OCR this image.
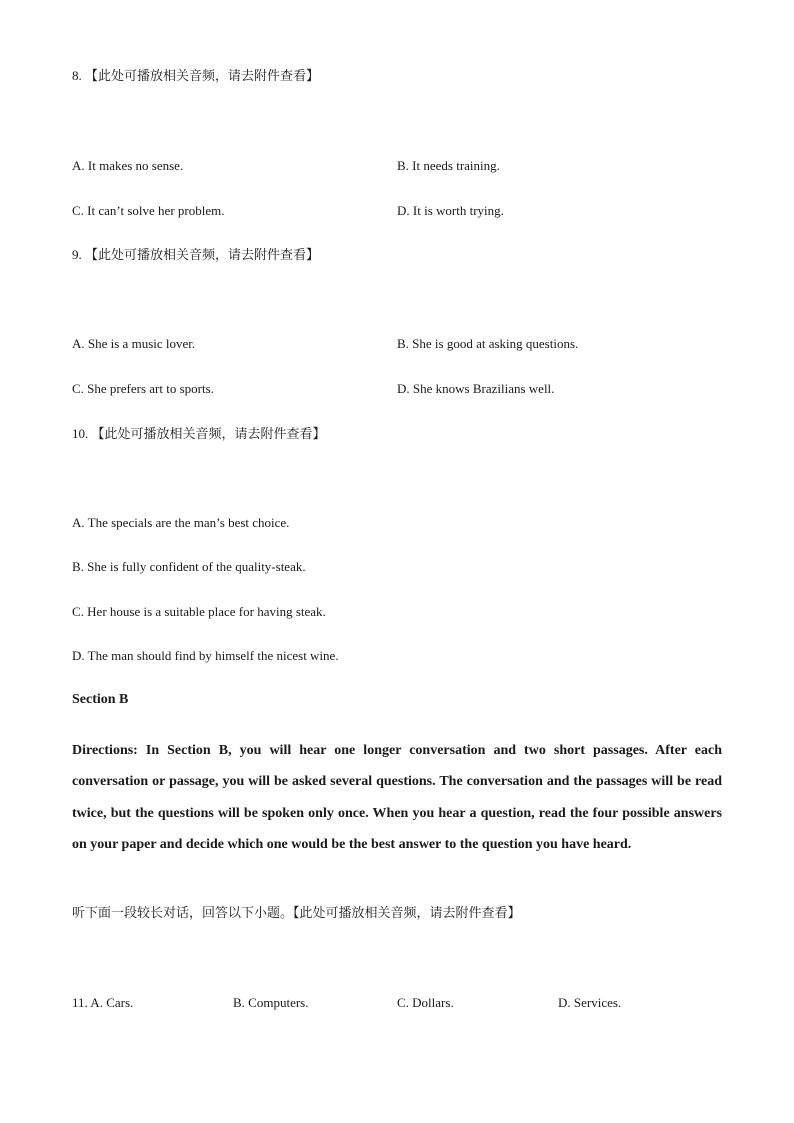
8. 【此处可播放相关音频，请去附件查看】
A. It makes no sense.	B. It needs training.
C. It can’t solve her problem.	D. It is worth trying.
9. 【此处可播放相关音频，请去附件查看】
A. She is a music lover.	B. She is good at asking questions.
C. She prefers art to sports.	D. She knows Brazilians well.
10. 【此处可播放相关音频，请去附件查看】
A. The specials are the man’s best choice.
B. She is fully confident of the quality-steak.
C. Her house is a suitable place for having steak.
D. The man should find by himself the nicest wine.
Section B
Directions: In Section B, you will hear one longer conversation and two short passages. After each conversation or passage, you will be asked several questions. The conversation and the passages will be read twice, but the questions will be spoken only once. When you hear a question, read the four possible answers on your paper and decide which one would be the best answer to the question you have heard.
听下面一段较长对话，回答以下小题。【此处可播放相关音频，请去附件查看】
11. A. Cars.	B. Computers.	C. Dollars.	D. Services.
